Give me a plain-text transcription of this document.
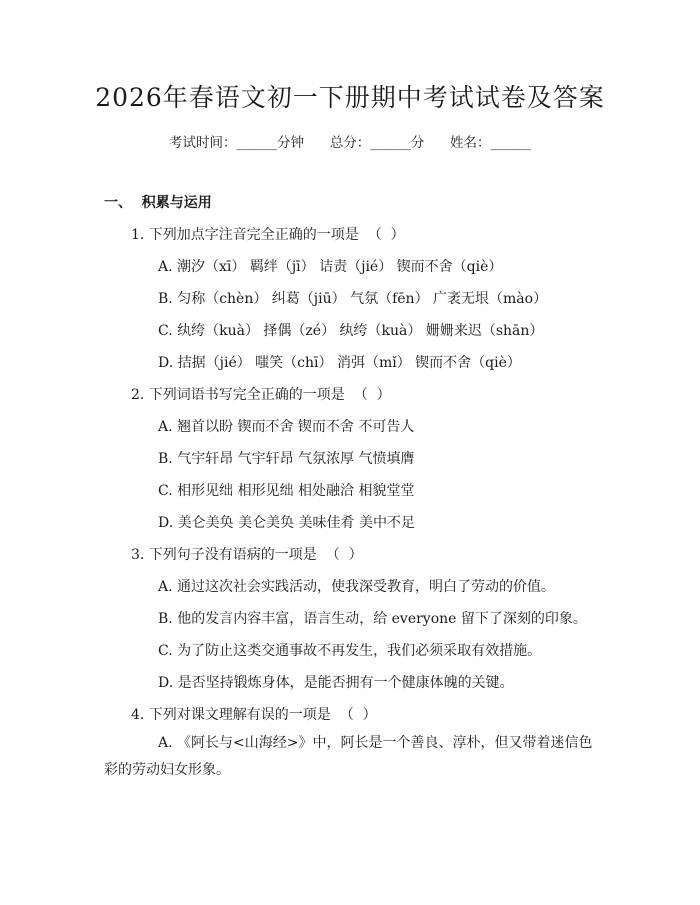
2026年春语文初一下册期中考试试卷及答案
考试时间：______分钟      总分：______分      姓名：______
一、  积累与运用
1. 下列加点字注音完全正确的一项是  （  ）
A. 潮汐（xī） 羁绊（jī） 诘责（jié） 锲而不舍（qiè）
B. 匀称（chèn） 纠葛（jiū） 气氛（fēn） 广袤无垠（mào）
C. 纨绔（kuà） 择偶（zé） 纨绔（kuà） 姗姗来迟（shān）
D. 拮据（jié） 嗤笑（chī） 消弭（mǐ） 锲而不舍（qiè）
2. 下列词语书写完全正确的一项是  （  ）
A. 翘首以盼 锲而不舍 锲而不舍 不可告人
B. 气宇轩昂 气宇轩昂 气氛浓厚 气愤填膺
C. 相形见绌 相形见绌 相处融洽 相貌堂堂
D. 美仑美奂 美仑美奂 美味佳肴 美中不足
3. 下列句子没有语病的一项是  （  ）
A. 通过这次社会实践活动，使我深受教育，明白了劳动的价值。
B. 他的发言内容丰富，语言生动，给 everyone 留下了深刻的印象。
C. 为了防止这类交通事故不再发生，我们必须采取有效措施。
D. 是否坚持锻炼身体，是能否拥有一个健康体魄的关键。
4. 下列对课文理解有误的一项是  （  ）
A. 《阿长与<山海经>》中，阿长是一个善良、淳朴，但又带着迷信色彩的劳动妇女形象。
